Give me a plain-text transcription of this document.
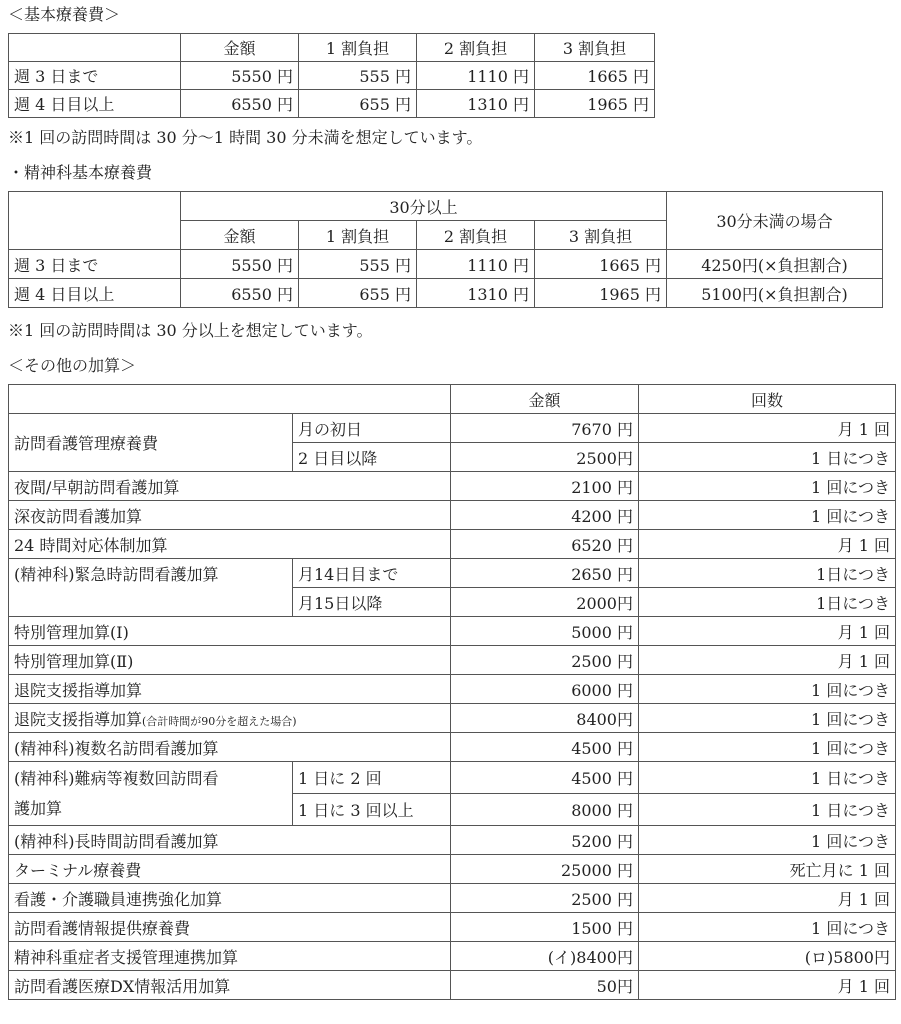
＜基本療養費＞
	金額	1 割負担	2 割負担	3 割負担
週 3 日まで	5550 円	555 円	1110 円	1665 円
週 4 日目以上	6550 円	655 円	1310 円	1965 円
※1 回の訪問時間は 30 分〜1 時間 30 分未満を想定しています。
・精神科基本療養費
	30分以上				30分未満の場合
	金額	1 割負担	2 割負担	3 割負担	
週 3 日まで	5550 円	555 円	1110 円	1665 円	4250円(×負担割合)
週 4 日目以上	6550 円	655 円	1310 円	1965 円	5100円(×負担割合)
※1 回の訪問時間は 30 分以上を想定しています。
＜その他の加算＞
		金額	回数
訪問看護管理療養費	月の初日	7670 円	月 1 回
	2 日目以降	2500円	1 日につき
夜間/早朝訪問看護加算		2100 円	1 回につき
深夜訪問看護加算		4200 円	1 回につき
24 時間対応体制加算		6520 円	月 1 回
(精神科)緊急時訪問看護加算	月14日目まで	2650 円	1日につき
	月15日以降	2000円	1日につき
特別管理加算(Ⅰ)		5000 円	月 1 回
特別管理加算(Ⅱ)		2500 円	月 1 回
退院支援指導加算		6000 円	1 回につき
退院支援指導加算(合計時間が90分を超えた場合)		8400円	1 回につき
(精神科)複数名訪問看護加算		4500 円	1 回につき
(精神科)難病等複数回訪問看
護加算	1 日に 2 回	4500 円	1 日につき
	1 日に 3 回以上	8000 円	1 日につき
(精神科)長時間訪問看護加算		5200 円	1 回につき
ターミナル療養費		25000 円	死亡月に 1 回
看護・介護職員連携強化加算		2500 円	月 1 回
訪問看護情報提供療養費		1500 円	1 回につき
精神科重症者支援管理連携加算		(イ)8400円	(ロ)5800円
訪問看護医療DX情報活用加算		50円	月 1 回
